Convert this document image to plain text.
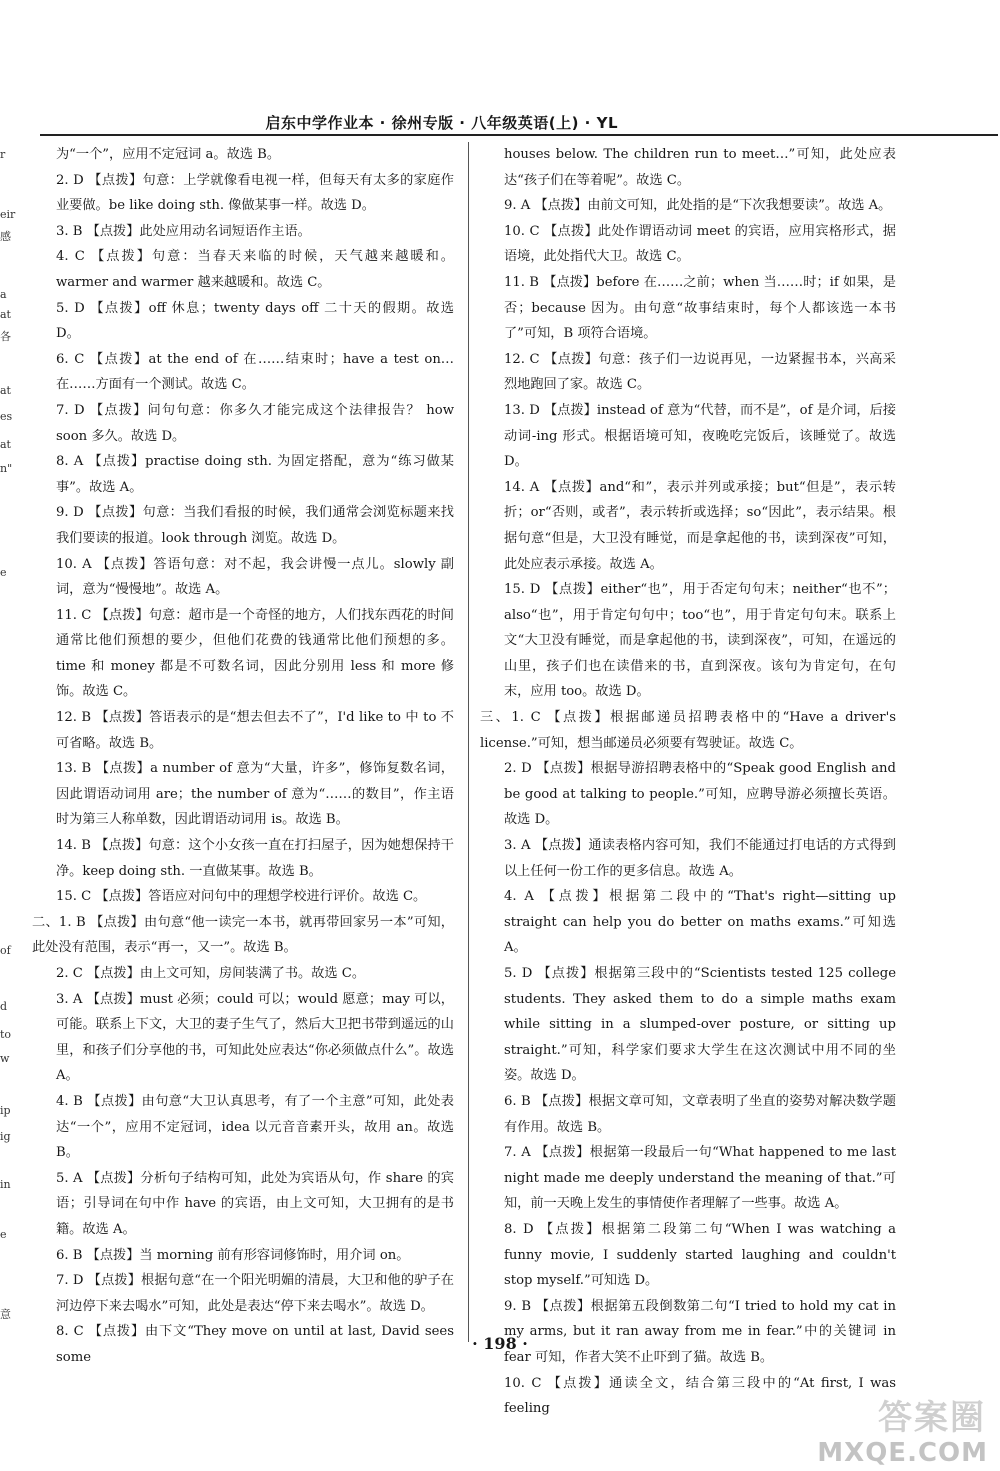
启东中学作业本 · 徐州专版 · 八年级英语(上) · YL
r
eir
感
a
at
各
at
es
at
n"
e
of
d
to
w
ip
ig
in
e
意

为“一个”，应用不定冠词 a。故选 B。

2. D 【点拨】句意：上学就像看电视一样，但每天有太多的家庭作业要做。be like doing sth. 像做某事一样。故选 D。

3. B 【点拨】此处应用动名词短语作主语。

4. C 【点拨】句意：当春天来临的时候，天气越来越暖和。warmer and warmer 越来越暖和。故选 C。

5. D 【点拨】off 休息；twenty days off 二十天的假期。故选 D。

6. C 【点拨】at the end of 在……结束时；have a test on… 在……方面有一个测试。故选 C。

7. D 【点拨】问句句意：你多久才能完成这个法律报告？ how soon 多久。故选 D。

8. A 【点拨】practise doing sth. 为固定搭配，意为“练习做某事”。故选 A。

9. D 【点拨】句意：当我们看报的时候，我们通常会浏览标题来找我们要读的报道。look through 浏览。故选 D。

10. A 【点拨】答语句意：对不起，我会讲慢一点儿。slowly 副词，意为“慢慢地”。故选 A。

11. C 【点拨】句意：超市是一个奇怪的地方，人们找东西花的时间通常比他们预想的要少，但他们花费的钱通常比他们预想的多。time 和 money 都是不可数名词，因此分别用 less 和 more 修饰。故选 C。

12. B 【点拨】答语表示的是“想去但去不了”，I'd like to 中 to 不可省略。故选 B。

13. B 【点拨】a number of 意为“大量，许多”，修饰复数名词，因此谓语动词用 are；the number of 意为“……的数目”，作主语时为第三人称单数，因此谓语动词用 is。故选 B。

14. B 【点拨】句意：这个小女孩一直在打扫屋子，因为她想保持干净。keep doing sth. 一直做某事。故选 B。

15. C 【点拨】答语应对问句中的理想学校进行评价。故选 C。

二、1. B 【点拨】由句意“他一读完一本书，就再带回家另一本”可知，此处没有范围，表示“再一，又一”。故选 B。

2. C 【点拨】由上文可知，房间装满了书。故选 C。

3. A 【点拨】must 必须；could 可以；would 愿意；may 可以，可能。联系上下文，大卫的妻子生气了，然后大卫把书带到遥远的山里，和孩子们分享他的书，可知此处应表达“你必须做点什么”。故选 A。

4. B 【点拨】由句意“大卫认真思考，有了一个主意”可知，此处表达“一个”，应用不定冠词，idea 以元音音素开头，故用 an。故选 B。

5. A 【点拨】分析句子结构可知，此处为宾语从句，作 share 的宾语；引导词在句中作 have 的宾语，由上文可知，大卫拥有的是书籍。故选 A。

6. B 【点拨】当 morning 前有形容词修饰时，用介词 on。

7. D 【点拨】根据句意“在一个阳光明媚的清晨，大卫和他的驴子在河边停下来去喝水”可知，此处是表达“停下来去喝水”。故选 D。

8. C 【点拨】由下文“They move on until at last, David sees some

houses below. The children run to meet…”可知，此处应表达“孩子们在等着呢”。故选 C。

9. A 【点拨】由前文可知，此处指的是“下次我想要读”。故选 A。

10. C 【点拨】此处作谓语动词 meet 的宾语，应用宾格形式，据语境，此处指代大卫。故选 C。

11. B 【点拨】before 在……之前；when 当……时；if 如果，是否；because 因为。由句意“故事结束时，每个人都该选一本书了”可知，B 项符合语境。

12. C 【点拨】句意：孩子们一边说再见，一边紧握书本，兴高采烈地跑回了家。故选 C。

13. D 【点拨】instead of 意为“代替，而不是”，of 是介词，后接动词-ing 形式。根据语境可知，夜晚吃完饭后，该睡觉了。故选 D。

14. A 【点拨】and“和”，表示并列或承接；but“但是”，表示转折；or“否则，或者”，表示转折或选择；so“因此”，表示结果。根据句意“但是，大卫没有睡觉，而是拿起他的书，读到深夜”可知，此处应表示承接。故选 A。

15. D 【点拨】either“也”，用于否定句句末；neither“也不”；also“也”，用于肯定句句中；too“也”，用于肯定句句末。联系上文“大卫没有睡觉，而是拿起他的书，读到深夜”，可知，在遥远的山里，孩子们也在读借来的书，直到深夜。该句为肯定句，在句末，应用 too。故选 D。

三、1. C 【点拨】根据邮递员招聘表格中的“Have a driver's license.”可知，想当邮递员必须要有驾驶证。故选 C。

2. D 【点拨】根据导游招聘表格中的“Speak good English and be good at talking to people.”可知，应聘导游必须擅长英语。故选 D。

3. A 【点拨】通读表格内容可知，我们不能通过打电话的方式得到以上任何一份工作的更多信息。故选 A。

4. A 【点拨】根据第二段中的“That's right—sitting up straight can help you do better on maths exams.”可知选 A。

5. D 【点拨】根据第三段中的“Scientists tested 125 college students. They asked them to do a simple maths exam while sitting in a slumped-over posture, or sitting up straight.”可知，科学家们要求大学生在这次测试中用不同的坐姿。故选 D。

6. B 【点拨】根据文章可知，文章表明了坐直的姿势对解决数学题有作用。故选 B。

7. A 【点拨】根据第一段最后一句“What happened to me last night made me deeply understand the meaning of that.”可知，前一天晚上发生的事情使作者理解了一些事。故选 A。

8. D 【点拨】根据第二段第二句“When I was watching a funny movie, I suddenly started laughing and couldn't stop myself.”可知选 D。

9. B 【点拨】根据第五段倒数第二句“I tried to hold my cat in my arms, but it ran away from me in fear.”中的关键词 in fear 可知，作者大笑不止吓到了猫。故选 B。

10. C 【点拨】通读全文，结合第三段中的“At first, I was feeling

· 198 ·
答案圈
MXQE.COM
